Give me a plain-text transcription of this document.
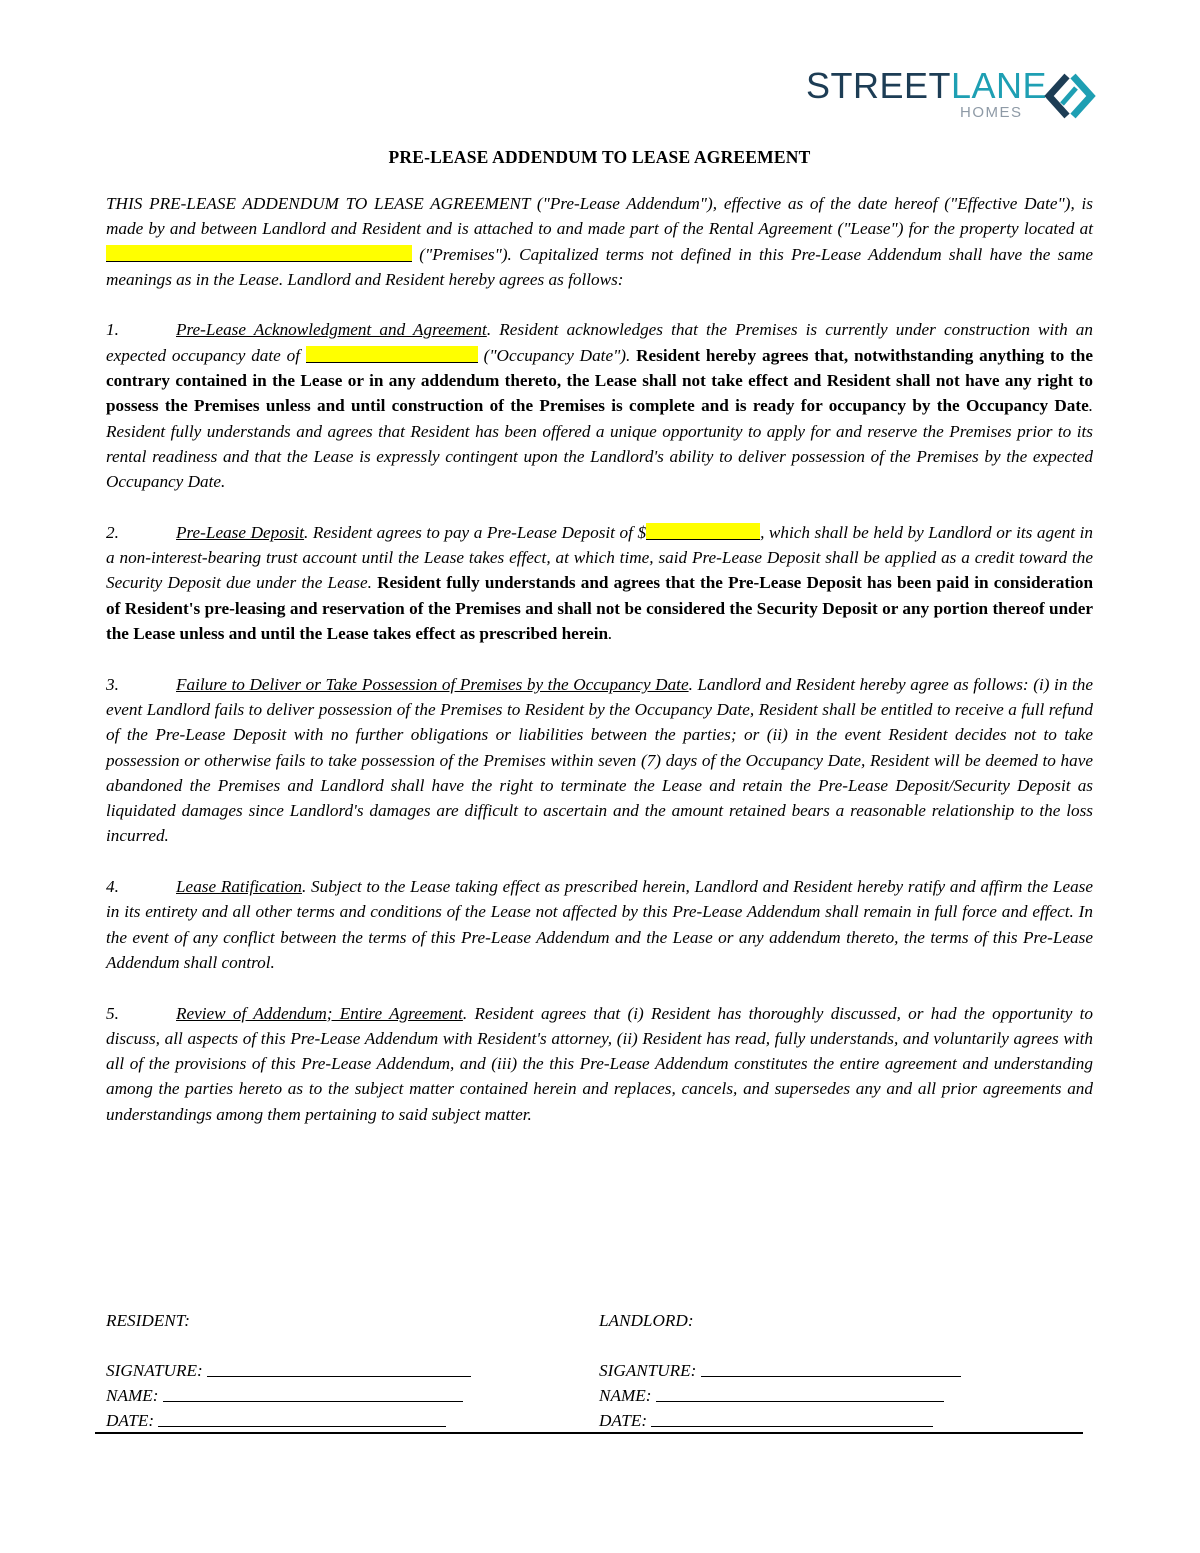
STREETLANE
HOMES
PRE-LEASE ADDENDUM TO LEASE AGREEMENT

THIS PRE-LEASE ADDENDUM TO LEASE AGREEMENT ("Pre-Lease Addendum"), effective as of the date hereof ("Effective Date"), is made by and between Landlord and Resident and is attached to and made part of the Rental Agreement ("Lease") for the property located at  ("Premises"). Capitalized terms not defined in this Pre-Lease Addendum shall have the same meanings as in the Lease. Landlord and Resident hereby agrees as follows:

1.	Pre-Lease Acknowledgment and Agreement. Resident acknowledges that the Premises is currently under construction with an expected occupancy date of	("Occupancy Date"). Resident hereby agrees that, notwithstanding anything to the contrary contained in the Lease or in any addendum thereto, the Lease shall not take effect and Resident shall not have any right to possess the Premises unless and until construction of the Premises is complete and is ready for occupancy by the Occupancy Date. Resident fully understands and agrees that Resident has been offered a unique opportunity to apply for and reserve the Premises prior to its rental readiness and that the Lease is expressly contingent upon the Landlord's ability to deliver possession of the Premises by the expected Occupancy Date.

2.	Pre-Lease Deposit. Resident agrees to pay a Pre-Lease Deposit of $	, which shall be held by Landlord or its agent in a non-interest-bearing trust account until the Lease takes effect, at which time, said Pre-Lease Deposit shall be applied as a credit toward the Security Deposit due under the Lease. Resident fully understands and agrees that the Pre-Lease Deposit has been paid in consideration of Resident's pre-leasing and reservation of the Premises and shall not be considered the Security Deposit or any portion thereof under the Lease unless and until the Lease takes effect as prescribed herein.

3.	Failure to Deliver or Take Possession of Premises by the Occupancy Date. Landlord and Resident hereby agree as follows: (i) in the event Landlord fails to deliver possession of the Premises to Resident by the Occupancy Date, Resident shall be entitled to receive a full refund of the Pre-Lease Deposit with no further obligations or liabilities between the parties; or (ii) in the event Resident decides not to take possession or otherwise fails to take possession of the Premises within seven (7) days of the Occupancy Date, Resident will be deemed to have abandoned the Premises and Landlord shall have the right to terminate the Lease and retain the Pre-Lease Deposit/Security Deposit as liquidated damages since Landlord's damages are difficult to ascertain and the amount retained bears a reasonable relationship to the loss incurred.

4.	Lease Ratification. Subject to the Lease taking effect as prescribed herein, Landlord and Resident hereby ratify and affirm the Lease in its entirety and all other terms and conditions of the Lease not affected by this Pre-Lease Addendum shall remain in full force and effect. In the event of any conflict between the terms of this Pre-Lease Addendum and the Lease or any addendum thereto, the terms of this Pre-Lease Addendum shall control.

5.	Review of Addendum; Entire Agreement. Resident agrees that (i) Resident has thoroughly discussed, or had the opportunity to discuss, all aspects of this Pre-Lease Addendum with Resident's attorney, (ii) Resident has read, fully understands, and voluntarily agrees with all of the provisions of this Pre-Lease Addendum, and (iii) the this Pre-Lease Addendum constitutes the entire agreement and understanding among the parties hereto as to the subject matter contained herein and replaces, cancels, and supersedes any and all prior agreements and understandings among them pertaining to said subject matter.

RESIDENT:
SIGNATURE:
NAME:
DATE:
LANDLORD:
SIGANTURE:
NAME:
DATE:
